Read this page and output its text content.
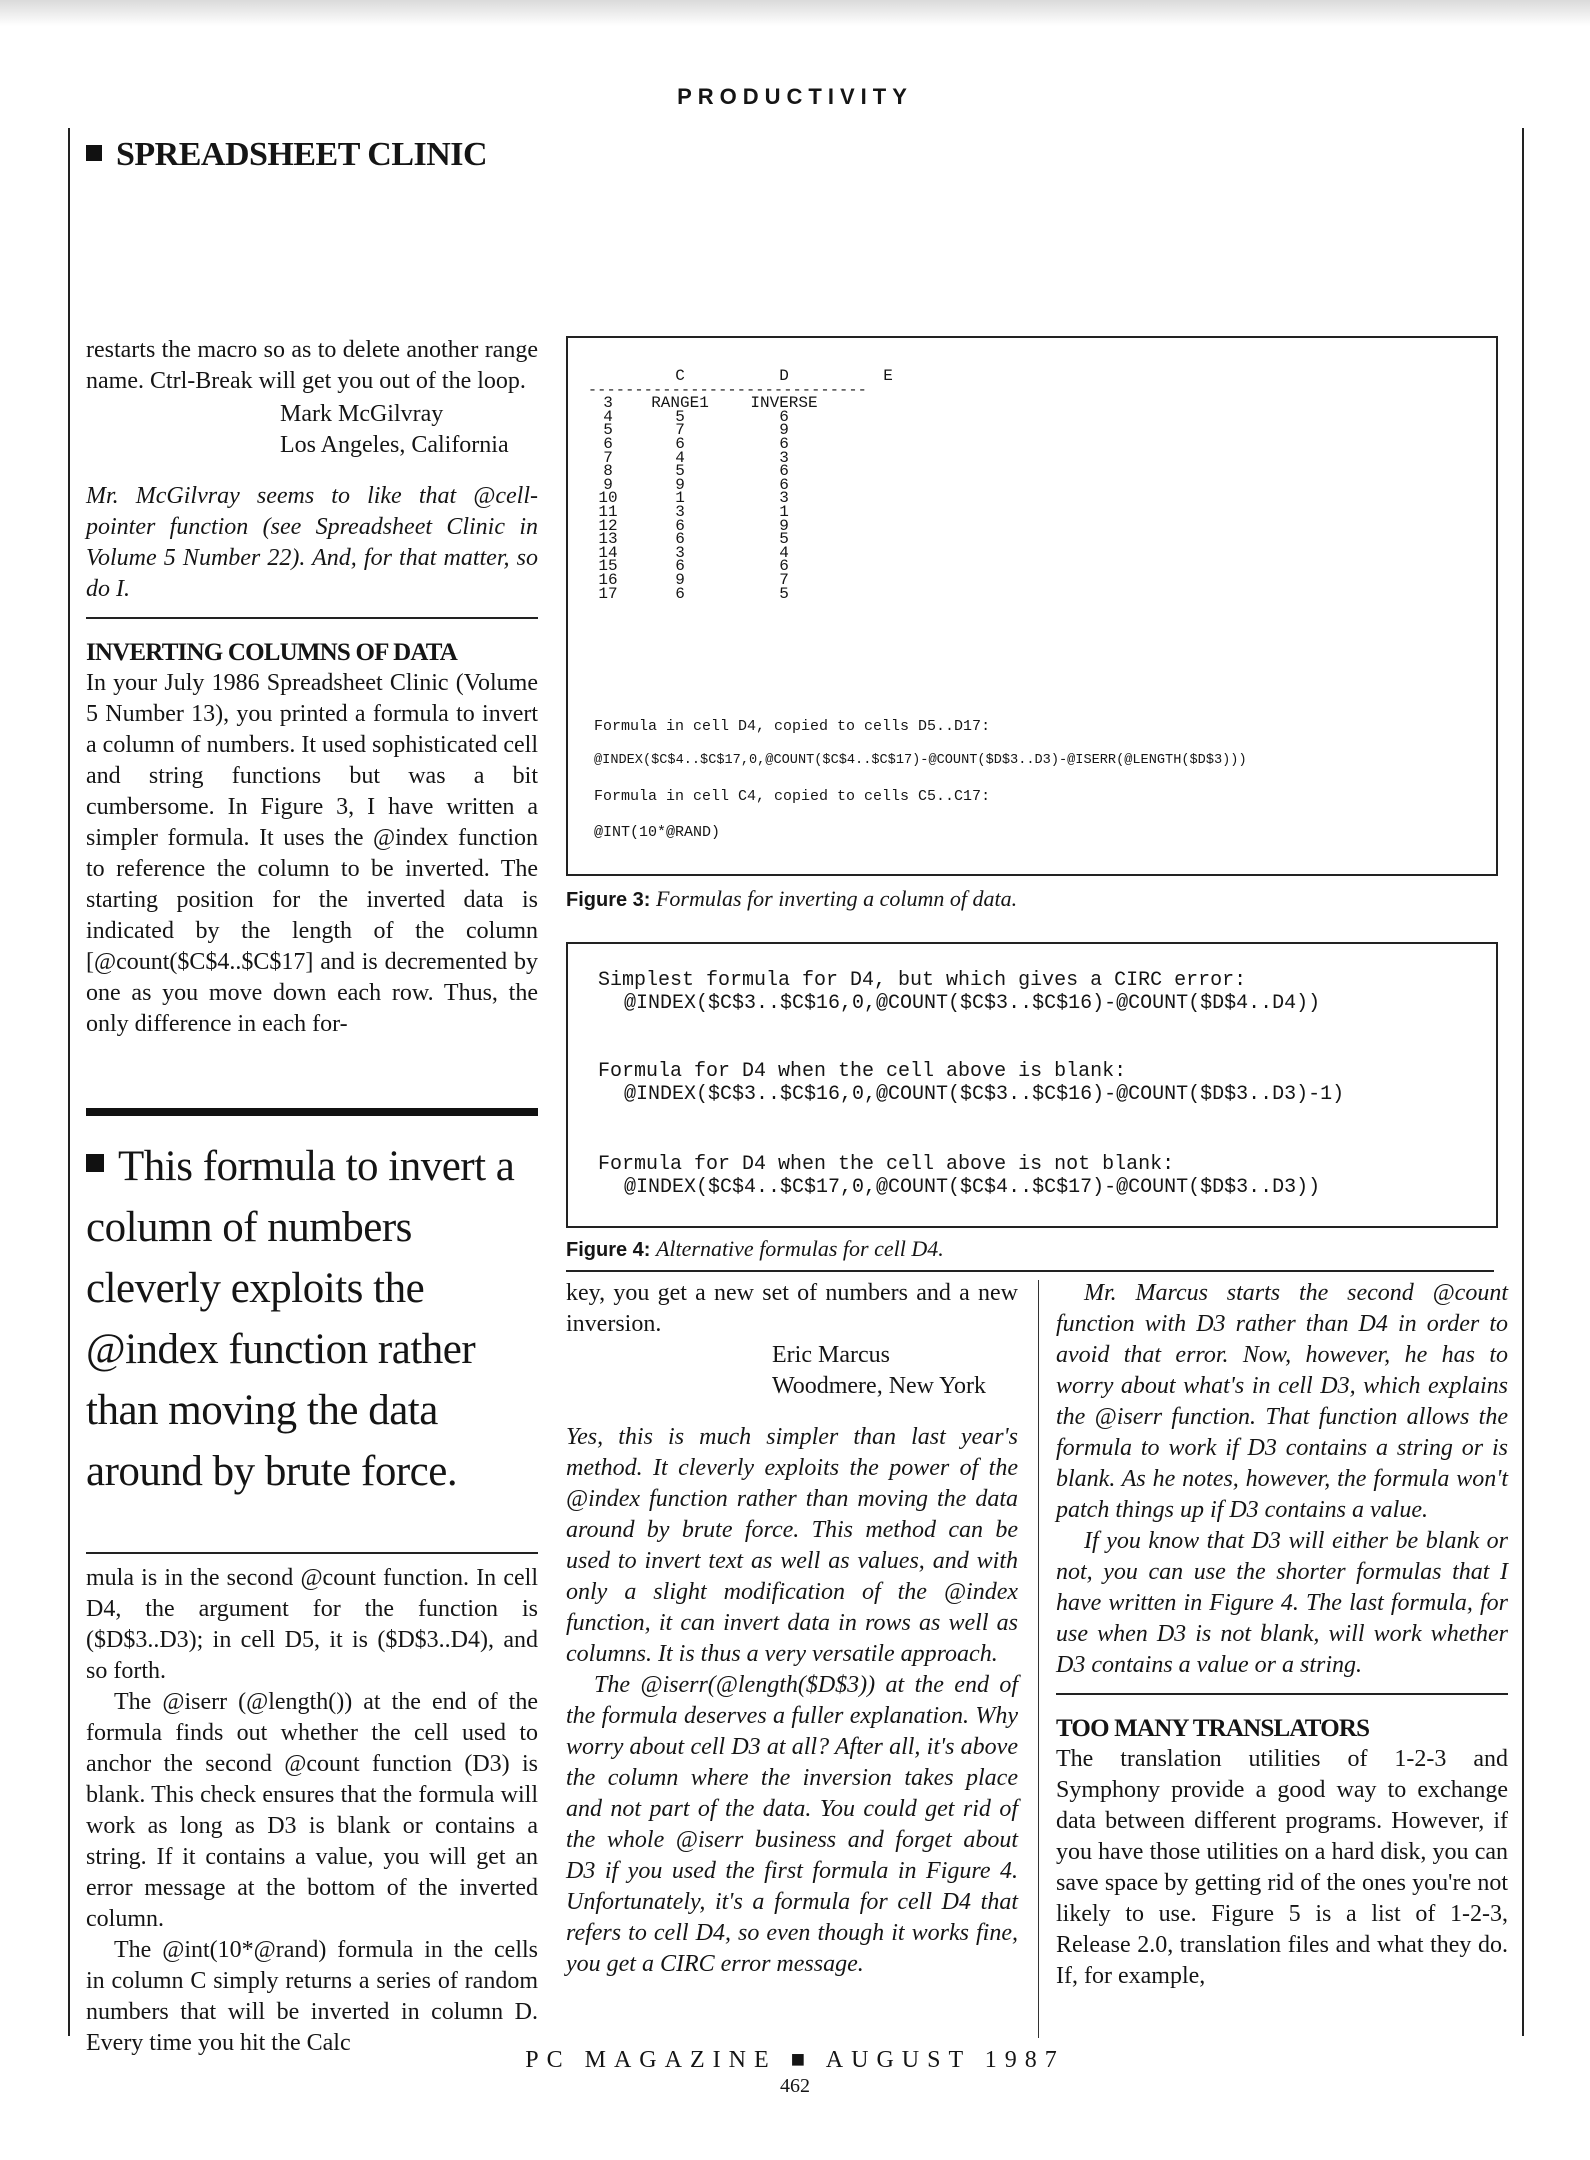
PRODUCTIVITY
SPREADSHEET CLINIC

restarts the macro so as to delete another range name. Ctrl-Break will get you out of the loop.

Mark McGilvray
Los Angeles, California

Mr. McGilvray seems to like that @cell-pointer function (see Spreadsheet Clinic in Volume 5 Number 22). And, for that matter, so do I.

INVERTING COLUMNS OF DATA

In your July 1986 Spreadsheet Clinic (Volume 5 Number 13), you printed a formula to invert a column of numbers. It used sophisticated cell and string functions but was a bit cumbersome. In Figure 3, I have written a simpler formula. It uses the @index function to reference the column to be inverted. The starting position for the inverted data is indicated by the length of the column [@count($C$4..$C$17] and is decremented by one as you move down each row. Thus, the only difference in each for-

This formula to invert a column of numbers cleverly exploits the @index function rather than moving the data around by brute force.

mula is in the second @count function. In cell D4, the argument for the function is ($D$3..D3); in cell D5, it is ($D$3..D4), and so forth.

The @iserr (@length()) at the end of the formula finds out whether the cell used to anchor the second @count function (D3) is blank. This check ensures that the formula will work as long as D3 is blank or contains a string. If it contains a value, you will get an error message at the bottom of the inverted column.

The @int(10*@rand) formula in the cells in column C simply returns a series of random numbers that will be inverted in column D. Every time you hit the Calc

	C	D	E
------------------------------			
3	RANGE1	INVERSE	
4	5	6	
5	7	9	
6	6	6	
7	4	3	
8	5	6	
9	9	6	
10	1	3	
11	3	1	
12	6	9	
13	6	5	
14	3	4	
15	6	6	
16	9	7	
17	6	5	
Formula in cell D4, copied to cells D5..D17:
@INDEX($C$4..$C$17,0,@COUNT($C$4..$C$17)-@COUNT($D$3..D3)-@ISERR(@LENGTH($D$3)))
Formula in cell C4, copied to cells C5..C17:
@INT(10*@RAND)
Figure 3: Formulas for inverting a column of data.
Simplest formula for D4, but which gives a CIRC error:
@INDEX($C$3..$C$16,0,@COUNT($C$3..$C$16)-@COUNT($D$4..D4))
Formula for D4 when the cell above is blank:
@INDEX($C$3..$C$16,0,@COUNT($C$3..$C$16)-@COUNT($D$3..D3)-1)
Formula for D4 when the cell above is not blank:
@INDEX($C$4..$C$17,0,@COUNT($C$4..$C$17)-@COUNT($D$3..D3))
Figure 4: Alternative formulas for cell D4.

key, you get a new set of numbers and a new inversion.

Eric Marcus
Woodmere, New York

Yes, this is much simpler than last year's method. It cleverly exploits the power of the @index function rather than moving the data around by brute force. This method can be used to invert text as well as values, and with only a slight modification of the @index function, it can invert data in rows as well as columns. It is thus a very versatile approach.

The @iserr(@length($D$3)) at the end of the formula deserves a fuller explanation. Why worry about cell D3 at all? After all, it's above the column where the inversion takes place and not part of the data. You could get rid of the whole @iserr business and forget about D3 if you used the first formula in Figure 4. Unfortunately, it's a formula for cell D4 that refers to cell D4, so even though it works fine, you get a CIRC error message.

Mr. Marcus starts the second @count function with D3 rather than D4 in order to avoid that error. Now, however, he has to worry about what's in cell D3, which explains the @iserr function. That function allows the formula to work if D3 contains a string or is blank. As he notes, however, the formula won't patch things up if D3 contains a value.

If you know that D3 will either be blank or not, you can use the shorter formulas that I have written in Figure 4. The last formula, for use when D3 is not blank, will work whether D3 contains a value or a string.

TOO MANY TRANSLATORS

The translation utilities of 1-2-3 and Symphony provide a good way to exchange data between different programs. However, if you have those utilities on a hard disk, you can save space by getting rid of the ones you're not likely to use. Figure 5 is a list of 1-2-3, Release 2.0, translation files and what they do. If, for example,

PC MAGAZINE ■ AUGUST 1987
462
